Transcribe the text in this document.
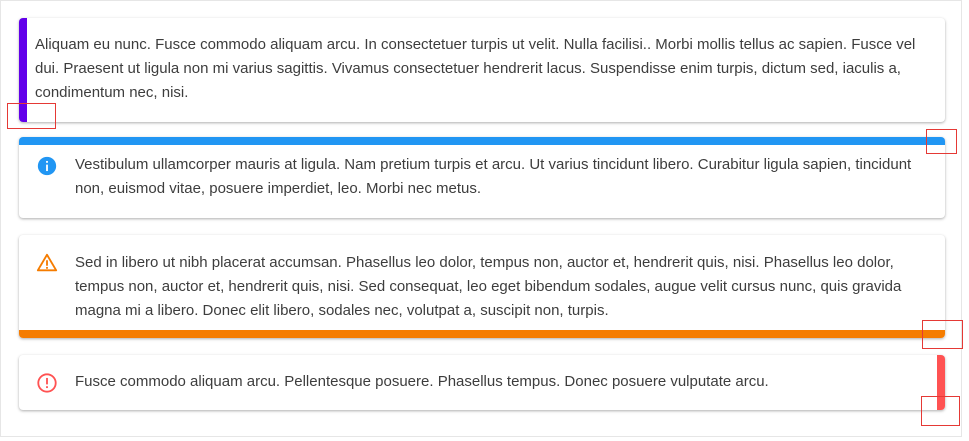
Aliquam eu nunc. Fusce commodo aliquam arcu. In consectetuer turpis ut velit. Nulla facilisi.. Morbi mollis tellus ac sapien. Fusce vel dui. Praesent ut ligula non mi varius sagittis. Vivamus consectetuer hendrerit lacus. Suspendisse enim turpis, dictum sed, iaculis a, condimentum nec, nisi.
Vestibulum ullamcorper mauris at ligula. Nam pretium turpis et arcu. Ut varius tincidunt libero. Curabitur ligula sapien, tincidunt non, euismod vitae, posuere imperdiet, leo. Morbi nec metus.
Sed in libero ut nibh placerat accumsan. Phasellus leo dolor, tempus non, auctor et, hendrerit quis, nisi. Phasellus leo dolor, tempus non, auctor et, hendrerit quis, nisi. Sed consequat, leo eget bibendum sodales, augue velit cursus nunc, quis gravida magna mi a libero. Donec elit libero, sodales nec, volutpat a, suscipit non, turpis.
Fusce commodo aliquam arcu. Pellentesque posuere. Phasellus tempus. Donec posuere vulputate arcu.
